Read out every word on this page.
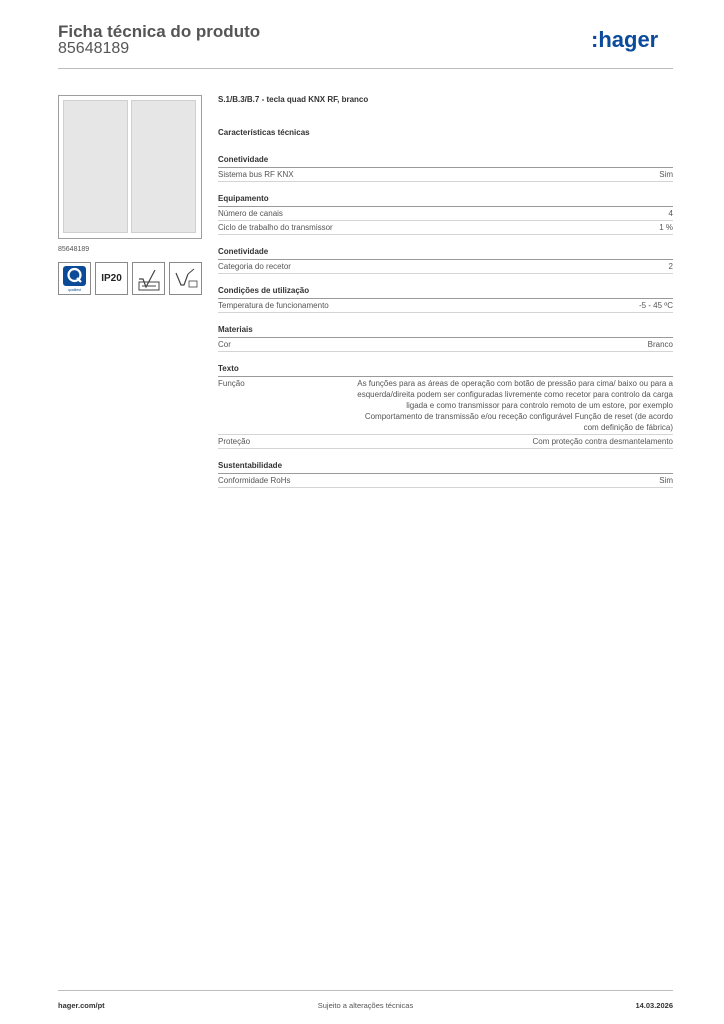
Ficha técnica do produto
85648189	:hager
85648189
qualitest
IP20
S.1/B.3/B.7 - tecla quad KNX RF, branco
Características técnicas
Conetividade
Sistema bus RF KNX	Sim
Equipamento
Número de canais	4
Ciclo de trabalho do transmissor	1 %
Conetividade
Categoria do recetor	2
Condições de utilização
Temperatura de funcionamento	-5 - 45 ºC
Materiais
Cor	Branco
Texto
Função	As funções para as áreas de operação com botão de pressão para cima/ baixo ou para a esquerda/direita podem ser configuradas livremente como recetor para controlo da carga ligada e como transmissor para controlo remoto de um estore, por exemplo Comportamento de transmissão e/ou receção configurável Função de reset (de acordo com definição de fábrica)
Proteção	Com proteção contra desmantelamento
Sustentabilidade
Conformidade RoHs	Sim
hager.com/pt	Sujeito a alterações técnicas	14.03.2026
